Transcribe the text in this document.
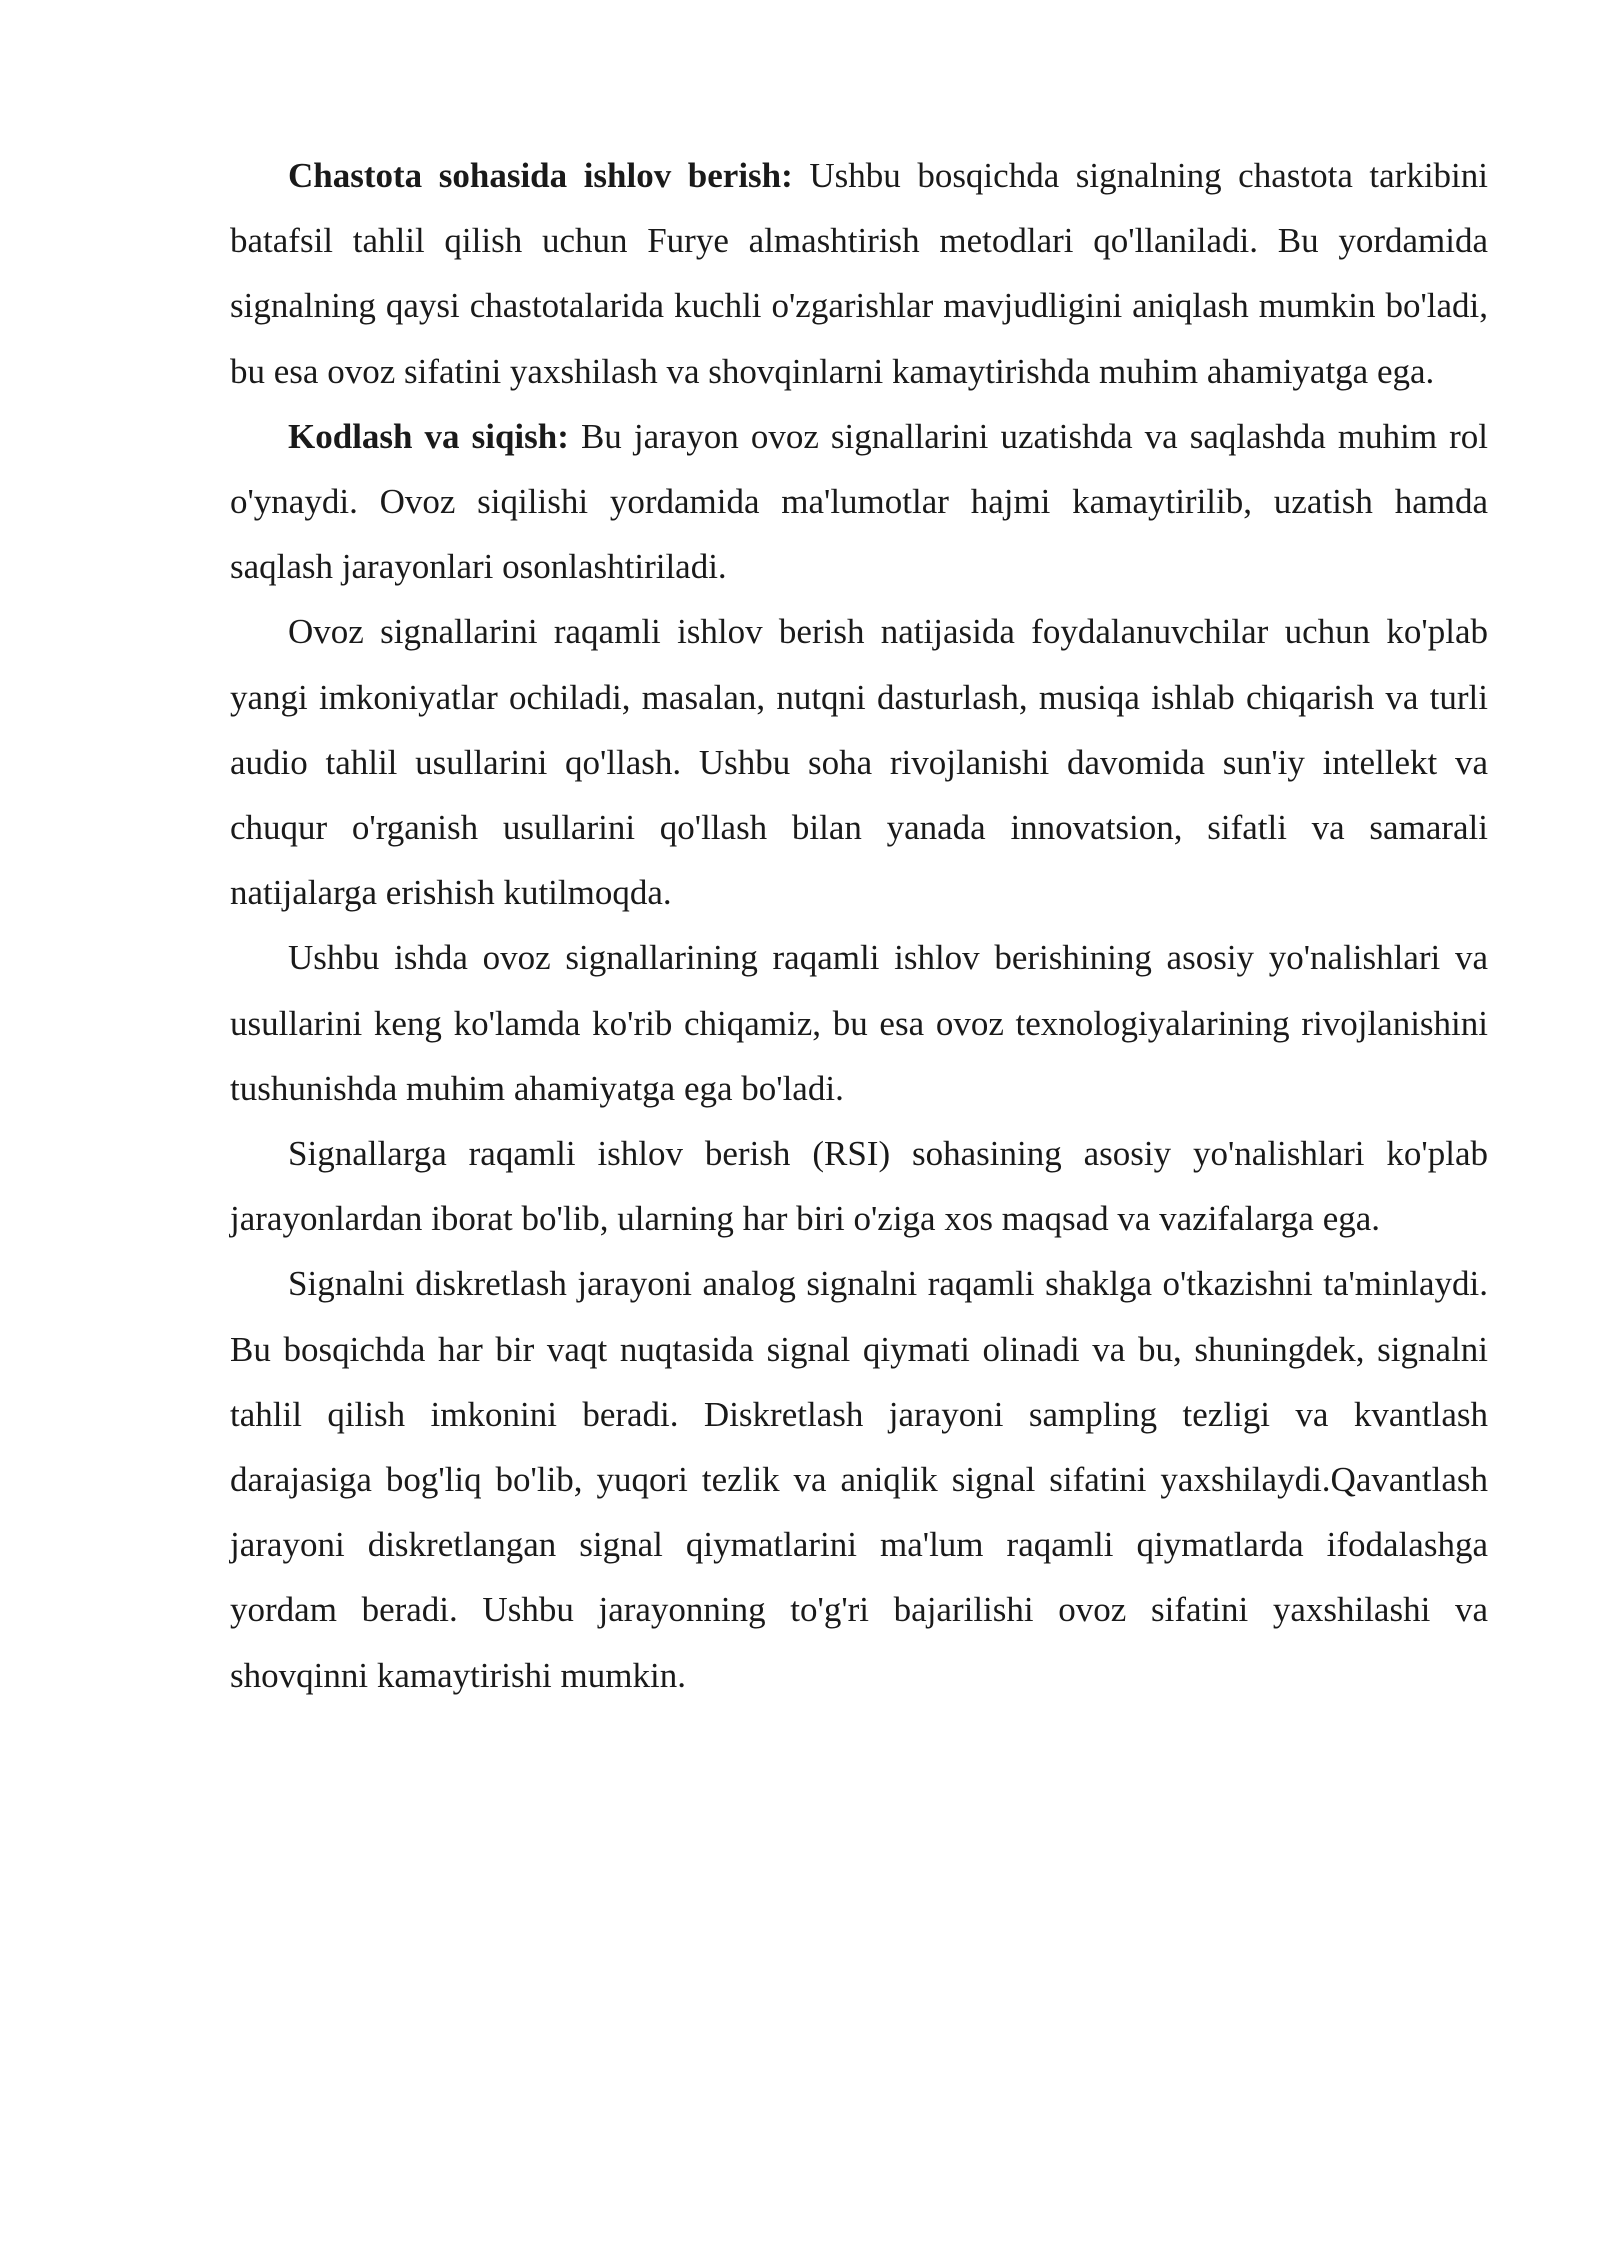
Chastota sohasida ishlov berish: Ushbu bosqichda signalning chastota tarkibini batafsil tahlil qilish uchun Furye almashtirish metodlari qo'llaniladi. Bu yordamida signalning qaysi chastotalarida kuchli o'zgarishlar mavjudligini aniqlash mumkin bo'ladi, bu esa ovoz sifatini yaxshilash va shovqinlarni kamaytirishda muhim ahamiyatga ega.

Kodlash va siqish: Bu jarayon ovoz signallarini uzatishda va saqlashda muhim rol o'ynaydi. Ovoz siqilishi yordamida ma'lumotlar hajmi kamaytirilib, uzatish hamda saqlash jarayonlari osonlashtiriladi.

Ovoz signallarini raqamli ishlov berish natijasida foydalanuvchilar uchun ko'plab yangi imkoniyatlar ochiladi, masalan, nutqni dasturlash, musiqa ishlab chiqarish va turli audio tahlil usullarini qo'llash. Ushbu soha rivojlanishi davomida sun'iy intellekt va chuqur o'rganish usullarini qo'llash bilan yanada innovatsion, sifatli va samarali natijalarga erishish kutilmoqda.

Ushbu ishda ovoz signallarining raqamli ishlov berishining asosiy yo'nalishlari va usullarini keng ko'lamda ko'rib chiqamiz, bu esa ovoz texnologiyalarining rivojlanishini tushunishda muhim ahamiyatga ega bo'ladi.

Signallarga raqamli ishlov berish (RSI) sohasining asosiy yo'nalishlari ko'plab jarayonlardan iborat bo'lib, ularning har biri o'ziga xos maqsad va vazifalarga ega.

Signalni diskretlash jarayoni analog signalni raqamli shaklga o'tkazishni ta'minlaydi. Bu bosqichda har bir vaqt nuqtasida signal qiymati olinadi va bu, shuningdek, signalni tahlil qilish imkonini beradi. Diskretlash jarayoni sampling tezligi va kvantlash darajasiga bog'liq bo'lib, yuqori tezlik va aniqlik signal sifatini yaxshilaydi.Qavantlash jarayoni diskretlangan signal qiymatlarini ma'lum raqamli qiymatlarda ifodalashga yordam beradi. Ushbu jarayonning to'g'ri bajarilishi ovoz sifatini yaxshilashi va shovqinni kamaytirishi mumkin.
